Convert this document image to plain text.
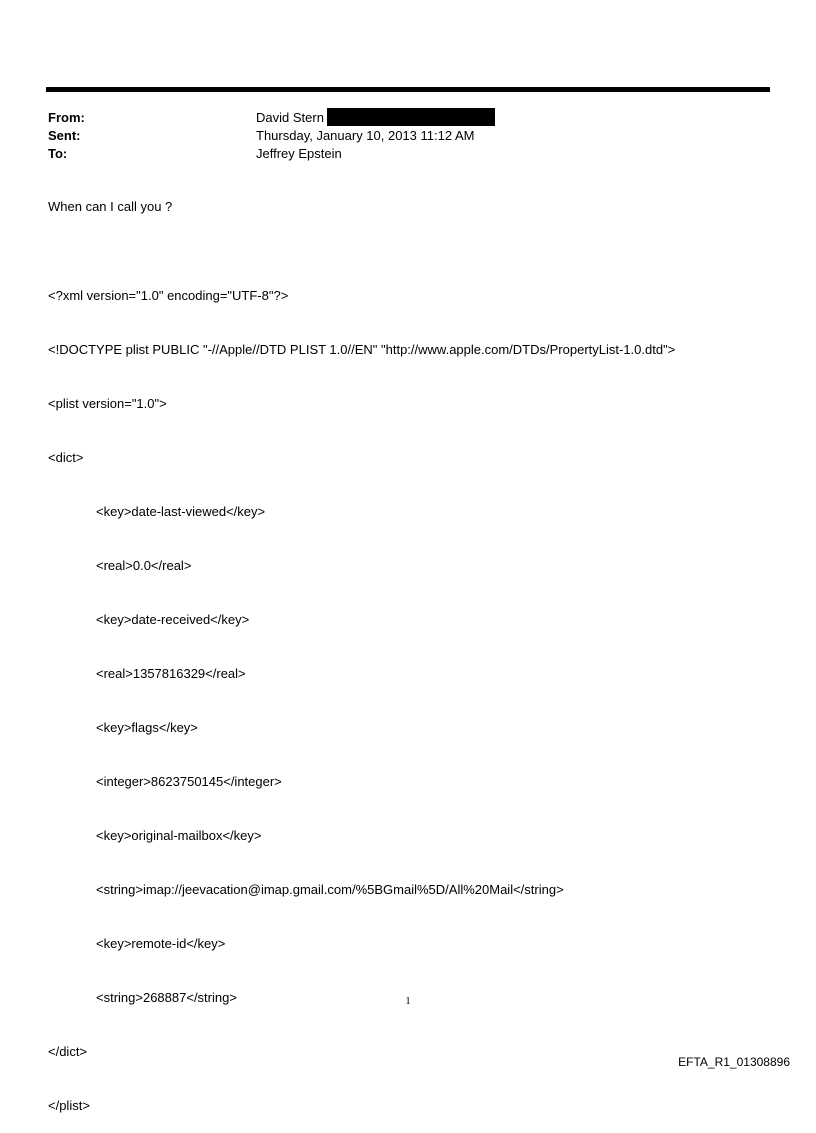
From:	David Stern
Sent:	Thursday, January 10, 2013 11:12 AM
To:	Jeffrey Epstein
When can I call you ?

<?xml version="1.0" encoding="UTF-8"?>

<!DOCTYPE plist PUBLIC "-//Apple//DTD PLIST 1.0//EN" "http://www.apple.com/DTDs/PropertyList-1.0.dtd">

<plist version="1.0">

<dict>

<key>date-last-viewed</key>

<real>0.0</real>

<key>date-received</key>

<real>1357816329</real>

<key>flags</key>

<integer>8623750145</integer>

<key>original-mailbox</key>

<string>imap://jeevacation@imap.gmail.com/%5BGmail%5D/All%20Mail</string>

<key>remote-id</key>

<string>268887</string>

</dict>

</plist>

1
EFTA_R1_01308896
